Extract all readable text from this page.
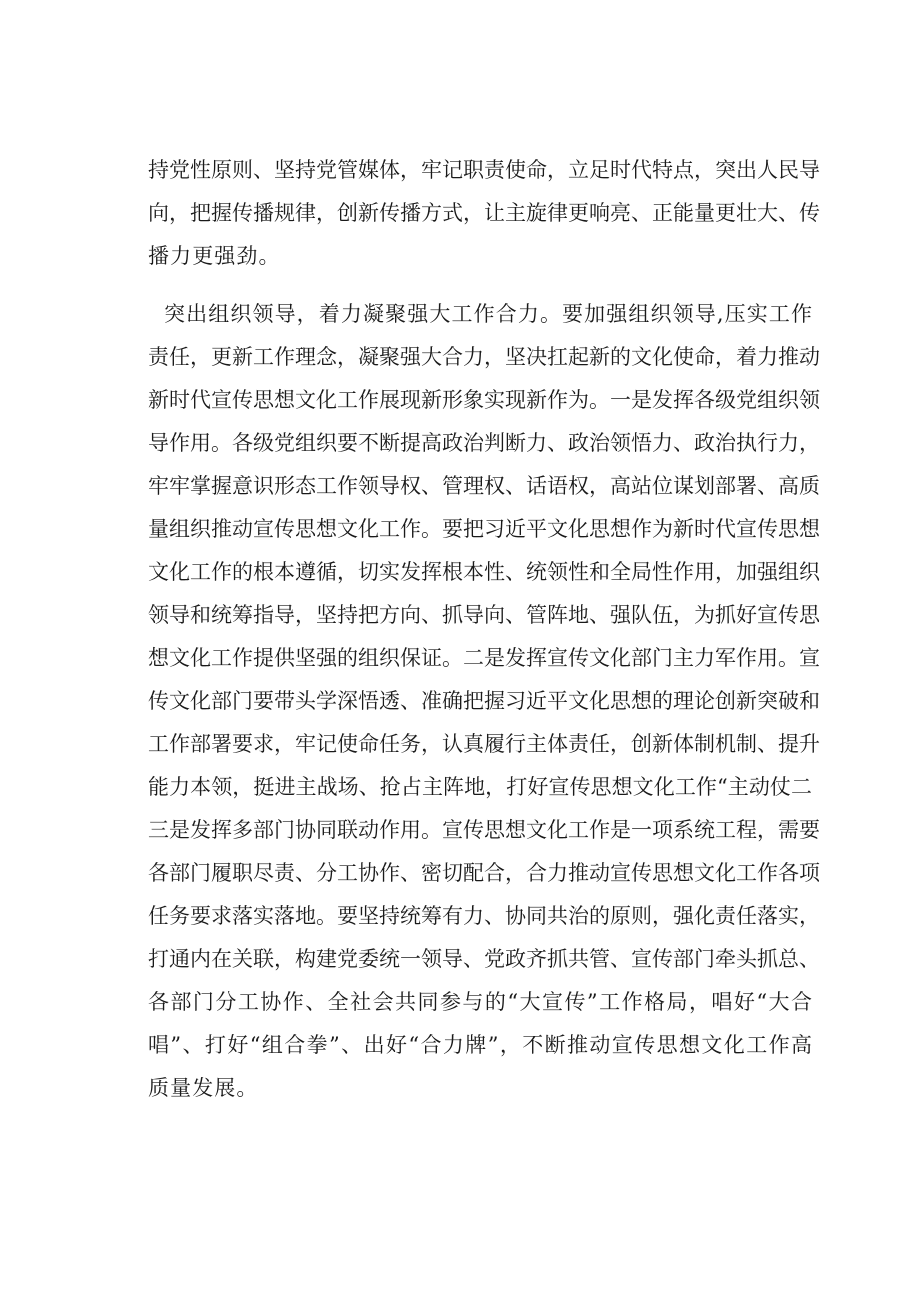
持党性原则、坚持党管媒体，牢记职责使命，立足时代特点，突出人民导
向，把握传播规律，创新传播方式，让主旋律更响亮、正能量更壮大、传
播力更强劲。
突出组织领导，着力凝聚强大工作合力。要加强组织领导,压实工作
责任，更新工作理念，凝聚强大合力，坚决扛起新的文化使命，着力推动
新时代宣传思想文化工作展现新形象实现新作为。一是发挥各级党组织领
导作用。各级党组织要不断提高政治判断力、政治领悟力、政治执行力，
牢牢掌握意识形态工作领导权、管理权、话语权，高站位谋划部署、高质
量组织推动宣传思想文化工作。要把习近平文化思想作为新时代宣传思想
文化工作的根本遵循，切实发挥根本性、统领性和全局性作用，加强组织
领导和统筹指导，坚持把方向、抓导向、管阵地、强队伍，为抓好宣传思
想文化工作提供坚强的组织保证。二是发挥宣传文化部门主力军作用。宣
传文化部门要带头学深悟透、准确把握习近平文化思想的理论创新突破和
工作部署要求，牢记使命任务，认真履行主体责任，创新体制机制、提升
能力本领，挺进主战场、抢占主阵地，打好宣传思想文化工作“主动仗二
三是发挥多部门协同联动作用。宣传思想文化工作是一项系统工程，需要
各部门履职尽责、分工协作、密切配合，合力推动宣传思想文化工作各项
任务要求落实落地。要坚持统筹有力、协同共治的原则，强化责任落实，
打通内在关联，构建党委统一领导、党政齐抓共管、宣传部门牵头抓总、
各部门分工协作、全社会共同参与的“大宣传”工作格局，唱好“大合
唱”、打好“组合拳”、出好“合力牌”，不断推动宣传思想文化工作高
质量发展。
